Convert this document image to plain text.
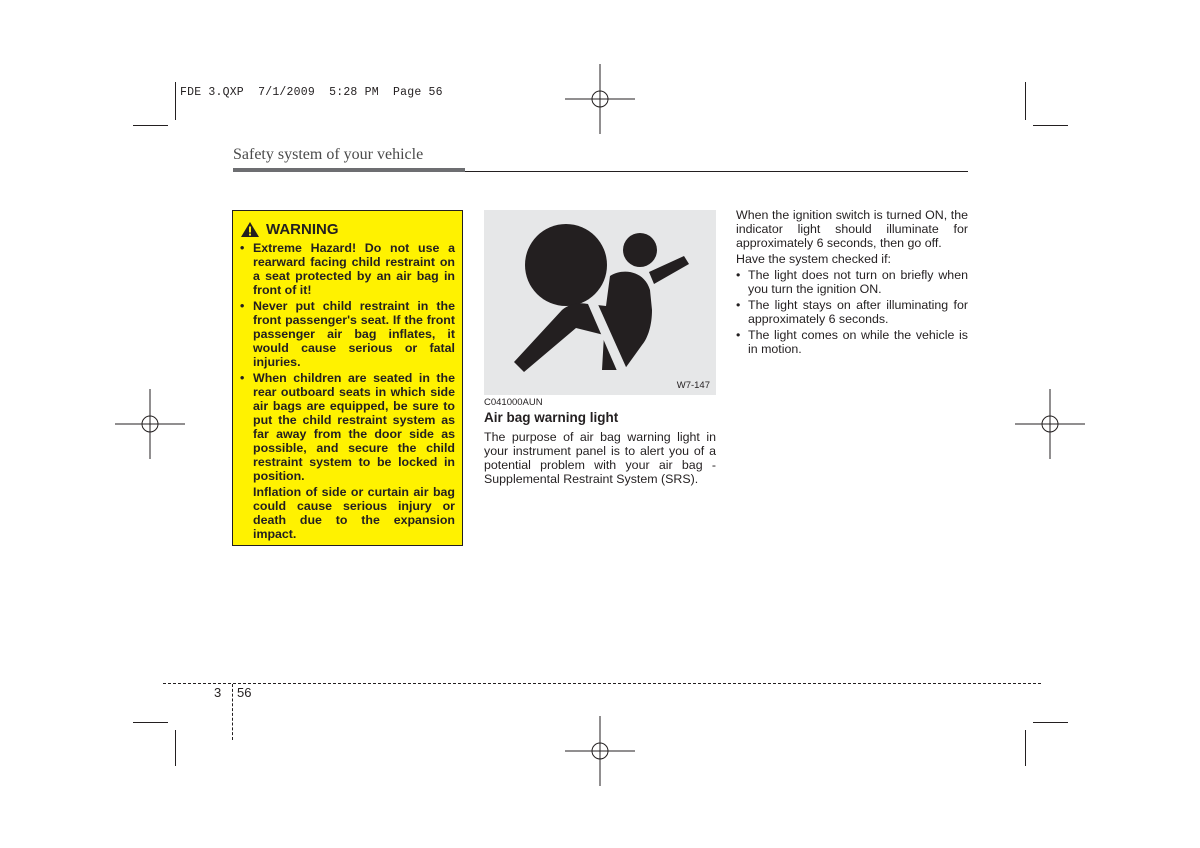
FDE 3.QXP  7/1/2009  5:28 PM  Page 56
Safety system of your vehicle
WARNING
• Extreme Hazard! Do not use a rearward facing child restraint on a seat protected by an air bag in front of it!
• Never put child restraint in the front passenger's seat. If the front passenger air bag inflates, it would cause serious or fatal injuries.
• When children are seated in the rear outboard seats in which side air bags are equipped, be sure to put the child restraint system as far away from the door side as possible, and secure the child restraint system to be locked in position.
Inflation of side or curtain air bag could cause serious injury or death due to the expansion impact.
W7-147
C041000AUN
Air bag warning light
The purpose of air bag warning light in your instrument panel is to alert you of a potential problem with your air bag - Supplemental Restraint System (SRS).

When the ignition switch is turned ON, the indicator light should illuminate for approximately 6 seconds, then go off.

Have the system checked if:

• The light does not turn on briefly when you turn the ignition ON.
• The light stays on after illuminating for approximately 6 seconds.
• The light comes on while the vehicle is in motion.
3 56
